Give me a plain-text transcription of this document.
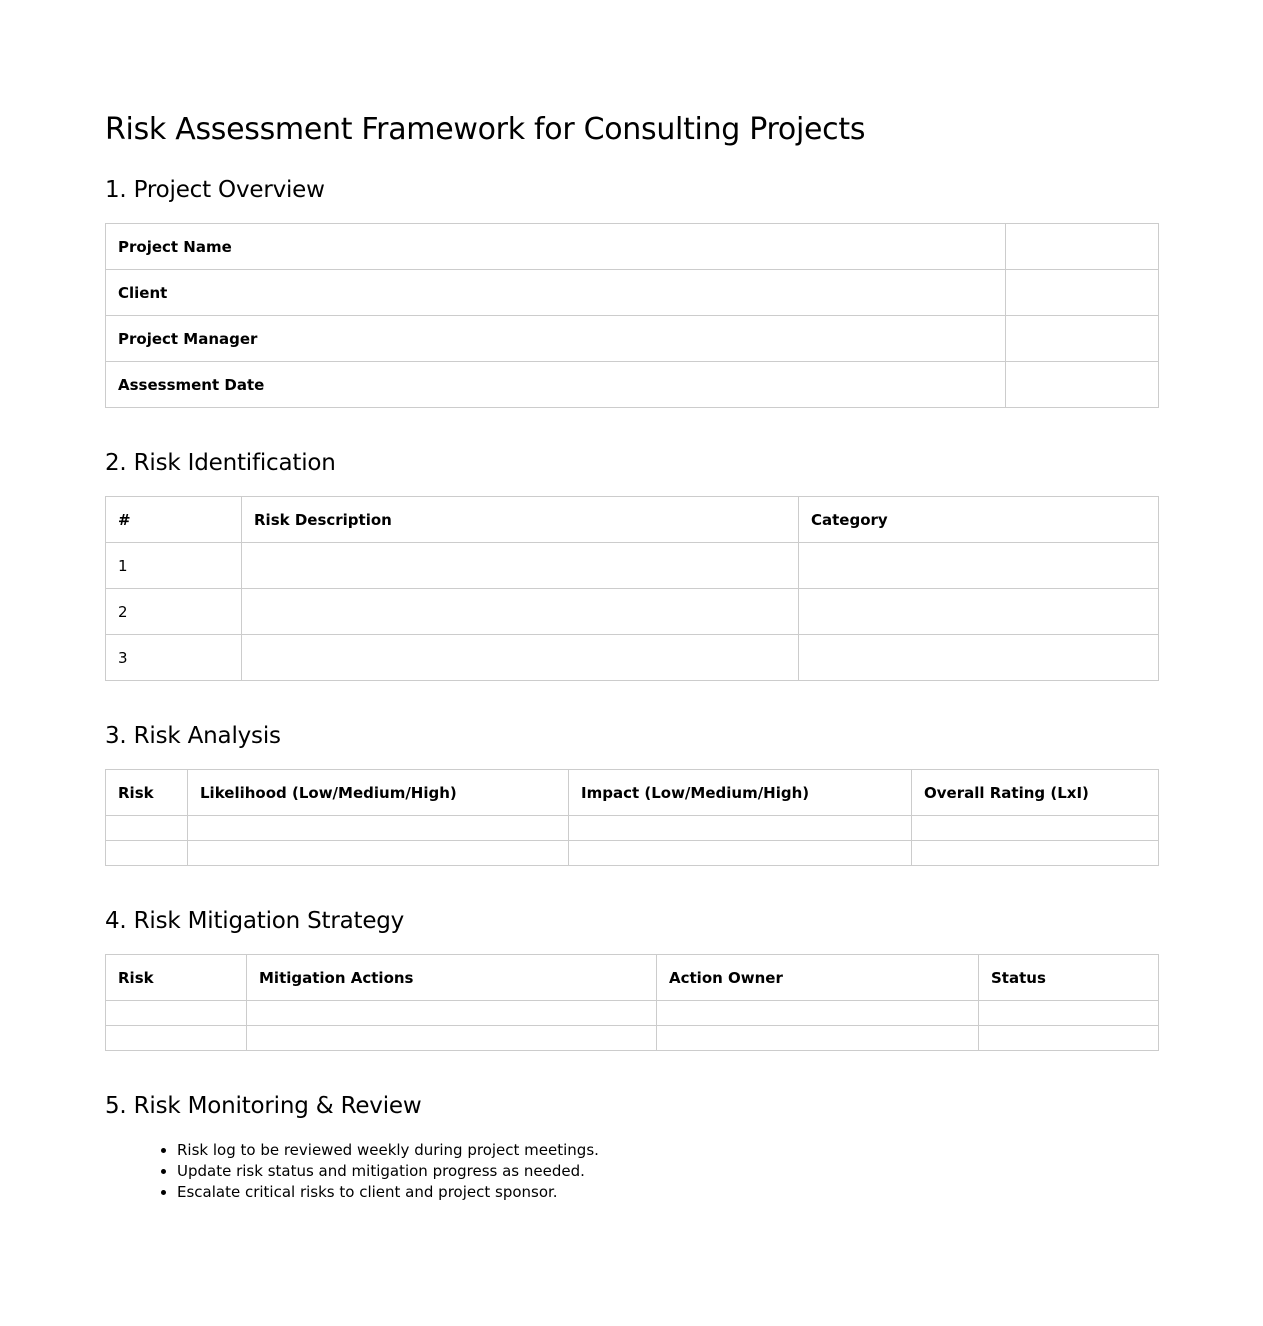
Risk Assessment Framework for Consulting Projects
1. Project Overview
Project Name	
Client	
Project Manager	
Assessment Date	
2. Risk Identification
#	Risk Description	Category
1		
2		
3		
3. Risk Analysis
Risk	Likelihood (Low/Medium/High)	Impact (Low/Medium/High)	Overall Rating (LxI)

4. Risk Mitigation Strategy
Risk	Mitigation Actions	Action Owner	Status

5. Risk Monitoring & Review
• Risk log to be reviewed weekly during project meetings.
• Update risk status and mitigation progress as needed.
• Escalate critical risks to client and project sponsor.
